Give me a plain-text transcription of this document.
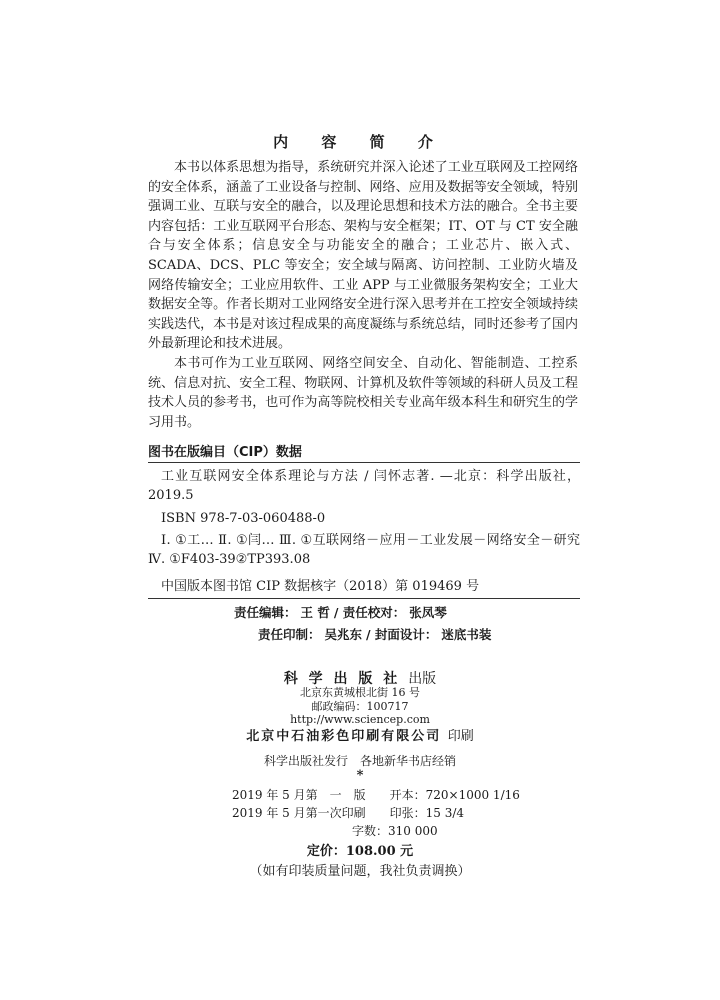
内 容 简 介

本书以体系思想为指导，系统研究并深入论述了工业互联网及工控网络的安全体系，涵盖了工业设备与控制、网络、应用及数据等安全领域，特别强调工业、互联与安全的融合，以及理论思想和技术方法的融合。全书主要内容包括：工业互联网平台形态、架构与安全框架；IT、OT 与 CT 安全融合与安全体系；信息安全与功能安全的融合；工业芯片、嵌入式、SCADA、DCS、PLC 等安全；安全域与隔离、访问控制、工业防火墙及网络传输安全；工业应用软件、工业 APP 与工业微服务架构安全；工业大数据安全等。作者长期对工业网络安全进行深入思考并在工控安全领域持续实践迭代，本书是对该过程成果的高度凝练与系统总结，同时还参考了国内外最新理论和技术进展。

本书可作为工业互联网、网络空间安全、自动化、智能制造、工控系统、信息对抗、安全工程、物联网、计算机及软件等领域的科研人员及工程技术人员的参考书，也可作为高等院校相关专业高年级本科生和研究生的学习用书。

图书在版编目（CIP）数据
工业互联网安全体系理论与方法 / 闫怀志著. —北京：科学出版社，2019.5
ISBN 978-7-03-060488-0
Ⅰ. ①工… Ⅱ. ①闫… Ⅲ. ①互联网络－应用－工业发展－网络安全－研究 Ⅳ. ①F403-39②TP393.08
中国版本图书馆 CIP 数据核字（2018）第 019469 号
责任编辑： 王 哲 / 责任校对： 张凤琴
责任印制： 吴兆东 / 封面设计： 迷底书装
科 学 出 版 社 出版
北京东黄城根北街 16 号
邮政编码：100717
http://www.sciencep.com
北京中石油彩色印刷有限公司 印刷
科学出版社发行　各地新华书店经销
*
2019 年 5 月第　一　版　　开本：720×1000 1/16
2019 年 5 月第一次印刷　　印张：15 3/4
　　　　　　　　　　字数：310 000
定价：108.00 元
（如有印装质量问题，我社负责调换）
